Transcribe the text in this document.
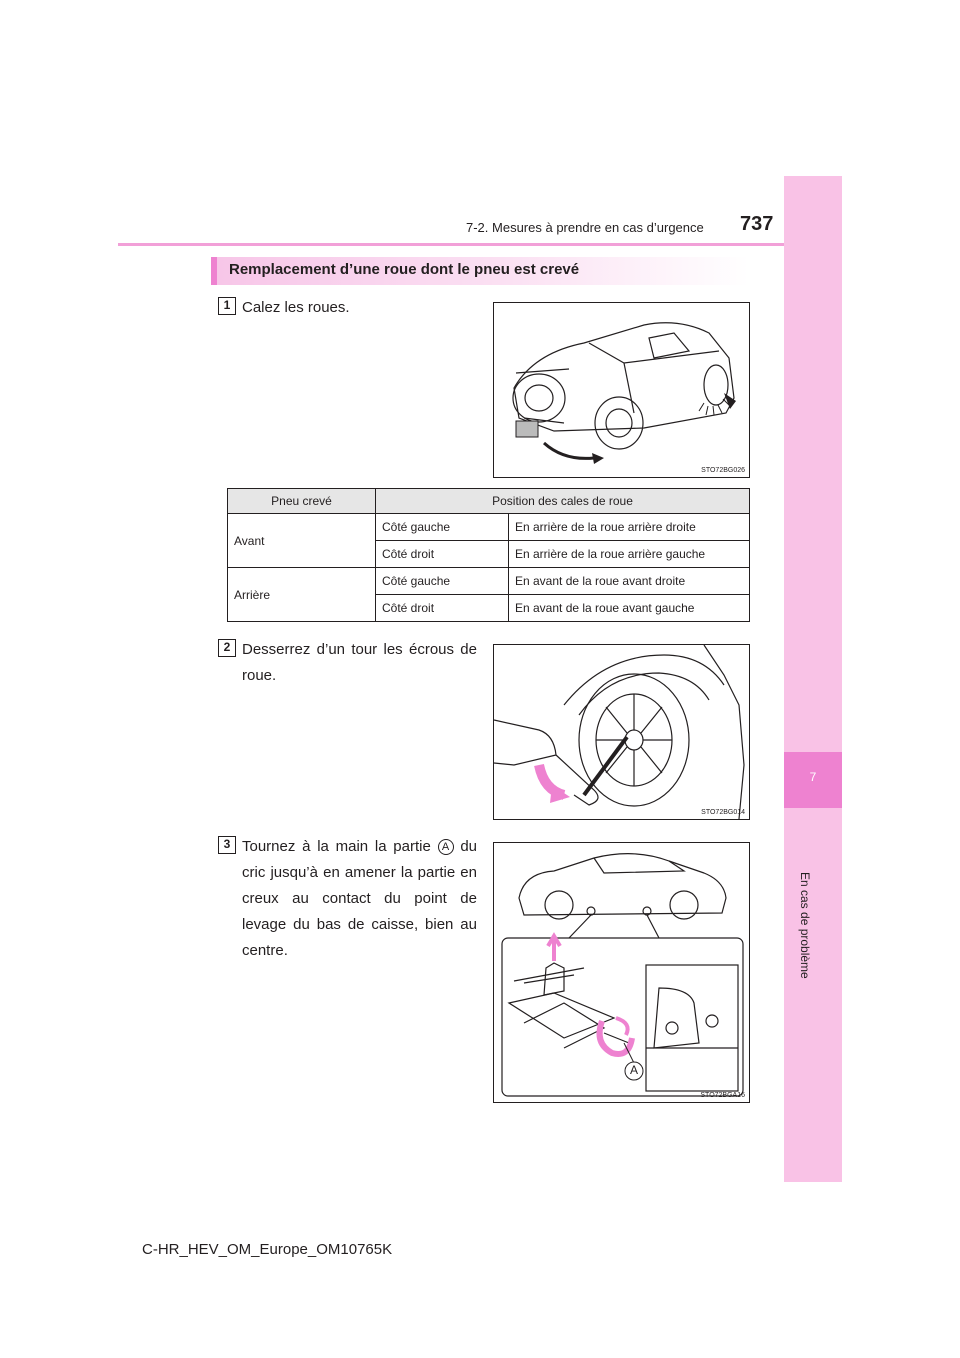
7-2. Mesures à prendre en cas d’urgence 737
7
En cas de problème
Remplacement d’une roue dont le pneu est crevé
1 Calez les roues.
STO72BG026
Pneu crevé	Position des cales de roue	
Avant	Côté gauche	En arrière de la roue arrière droite
	Côté droit	En arrière de la roue arrière gauche
Arrière	Côté gauche	En avant de la roue avant droite
	Côté droit	En avant de la roue avant gauche
2 Desserrez d’un tour les écrous de roue.
STO72BG014
3 Tournez à la main la partie A du cric jusqu’à en amener la partie en creux au contact du point de levage du bas de caisse, bien au centre.
A
STO72BGA16
C-HR_HEV_OM_Europe_OM10765K
